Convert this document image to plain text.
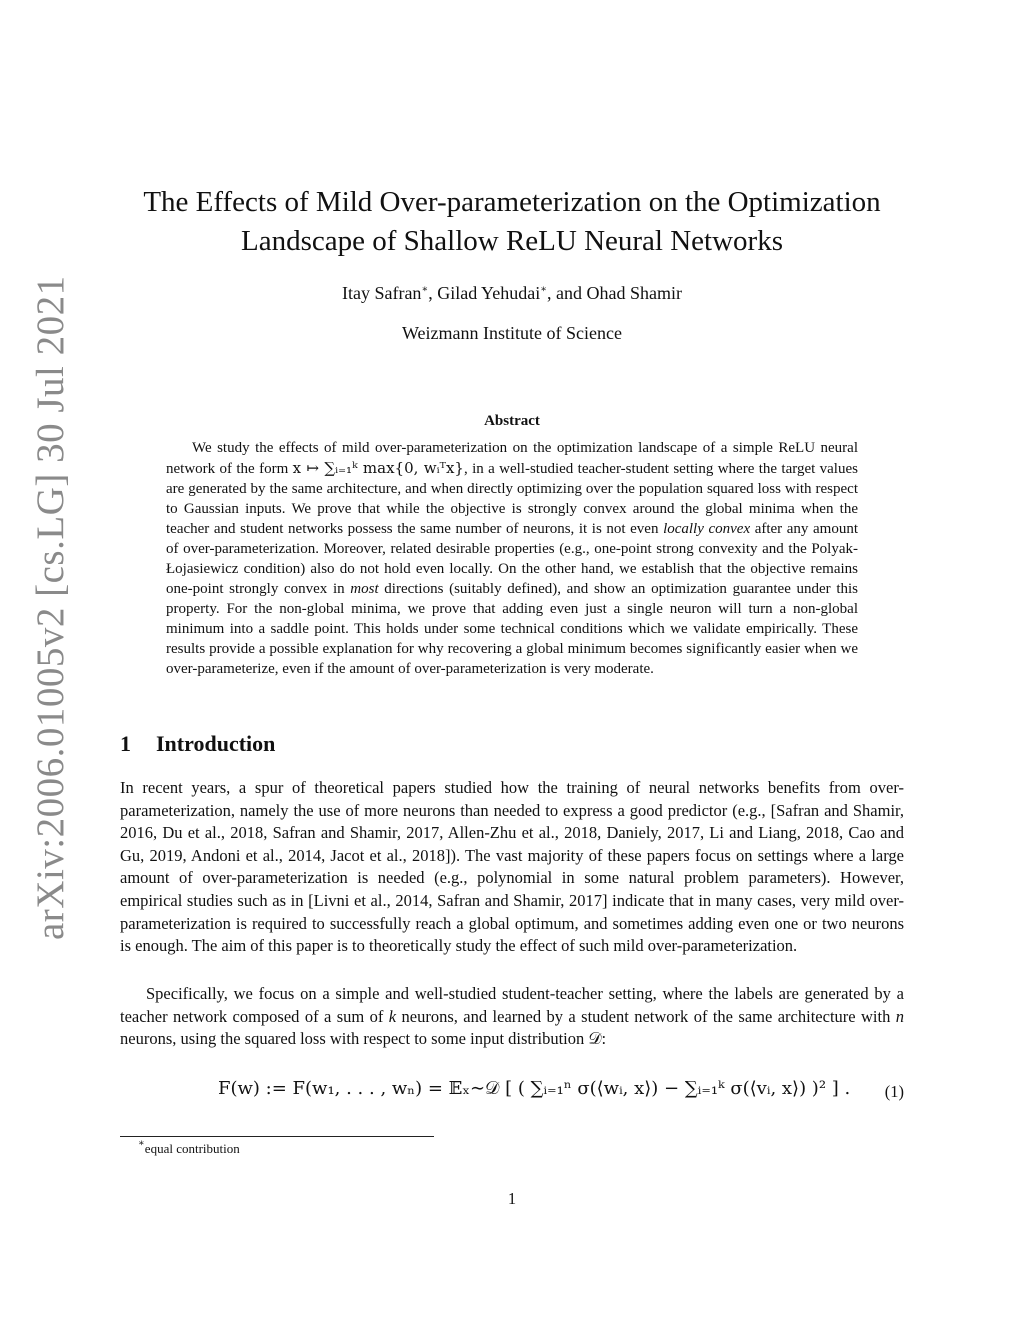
arXiv:2006.01005v2 [cs.LG] 30 Jul 2021
The Effects of Mild Over-parameterization on the Optimization
Landscape of Shallow ReLU Neural Networks
Itay Safran∗, Gilad Yehudai∗, and Ohad Shamir
Weizmann Institute of Science
Abstract

We study the effects of mild over-parameterization on the optimization landscape of a simple ReLU neural network of the form x ↦ ∑ᵢ₌₁ᵏ max{0, wᵢᵀx}, in a well-studied teacher-student setting where the target values are generated by the same architecture, and when directly optimizing over the population squared loss with respect to Gaussian inputs. We prove that while the objective is strongly convex around the global minima when the teacher and student networks possess the same number of neurons, it is not even locally convex after any amount of over-parameterization. Moreover, related desirable properties (e.g., one-point strong convexity and the Polyak-Łojasiewicz condition) also do not hold even locally. On the other hand, we establish that the objective remains one-point strongly convex in most directions (suitably defined), and show an optimization guarantee under this property. For the non-global minima, we prove that adding even just a single neuron will turn a non-global minimum into a saddle point. This holds under some technical conditions which we validate empirically. These results provide a possible explanation for why recovering a global minimum becomes significantly easier when we over-parameterize, even if the amount of over-parameterization is very moderate.

1 Introduction

In recent years, a spur of theoretical papers studied how the training of neural networks benefits from over-parameterization, namely the use of more neurons than needed to express a good predictor (e.g., [Safran and Shamir, 2016, Du et al., 2018, Safran and Shamir, 2017, Allen-Zhu et al., 2018, Daniely, 2017, Li and Liang, 2018, Cao and Gu, 2019, Andoni et al., 2014, Jacot et al., 2018]). The vast majority of these papers focus on settings where a large amount of over-parameterization is needed (e.g., polynomial in some natural problem parameters). However, empirical studies such as in [Livni et al., 2014, Safran and Shamir, 2017] indicate that in many cases, very mild over-parameterization is required to successfully reach a global optimum, and sometimes adding even one or two neurons is enough. The aim of this paper is to theoretically study the effect of such mild over-parameterization.

Specifically, we focus on a simple and well-studied student-teacher setting, where the labels are generated by a teacher network composed of a sum of k neurons, and learned by a student network of the same architecture with n neurons, using the squared loss with respect to some input distribution 𝒟:

F(w) := F(w₁, . . . , wₙ) = 𝔼ₓ∼𝒟 [ ( ∑ᵢ₌₁ⁿ σ(⟨wᵢ, x⟩) − ∑ᵢ₌₁ᵏ σ(⟨vᵢ, x⟩) )² ] . (1)
∗equal contribution
1
